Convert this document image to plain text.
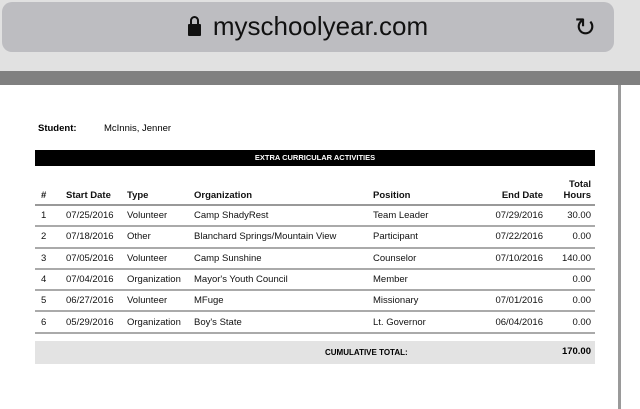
myschoolyear.com	↻
Student:	McInnis, Jenner
EXTRA CURRICULAR ACTIVITIES
#	Start Date	Type	Organization	Position	End Date	Total
Hours
1	07/25/2016	Volunteer	Camp ShadyRest	Team Leader	07/29/2016	30.00
2	07/18/2016	Other	Blanchard Springs/Mountain View	Participant	07/22/2016	0.00
3	07/05/2016	Volunteer	Camp Sunshine	Counselor	07/10/2016	140.00
4	07/04/2016	Organization	Mayor's Youth Council	Member		0.00
5	06/27/2016	Volunteer	MFuge	Missionary	07/01/2016	0.00
6	05/29/2016	Organization	Boy's State	Lt. Governor	06/04/2016	0.00
CUMULATIVE TOTAL:	170.00
